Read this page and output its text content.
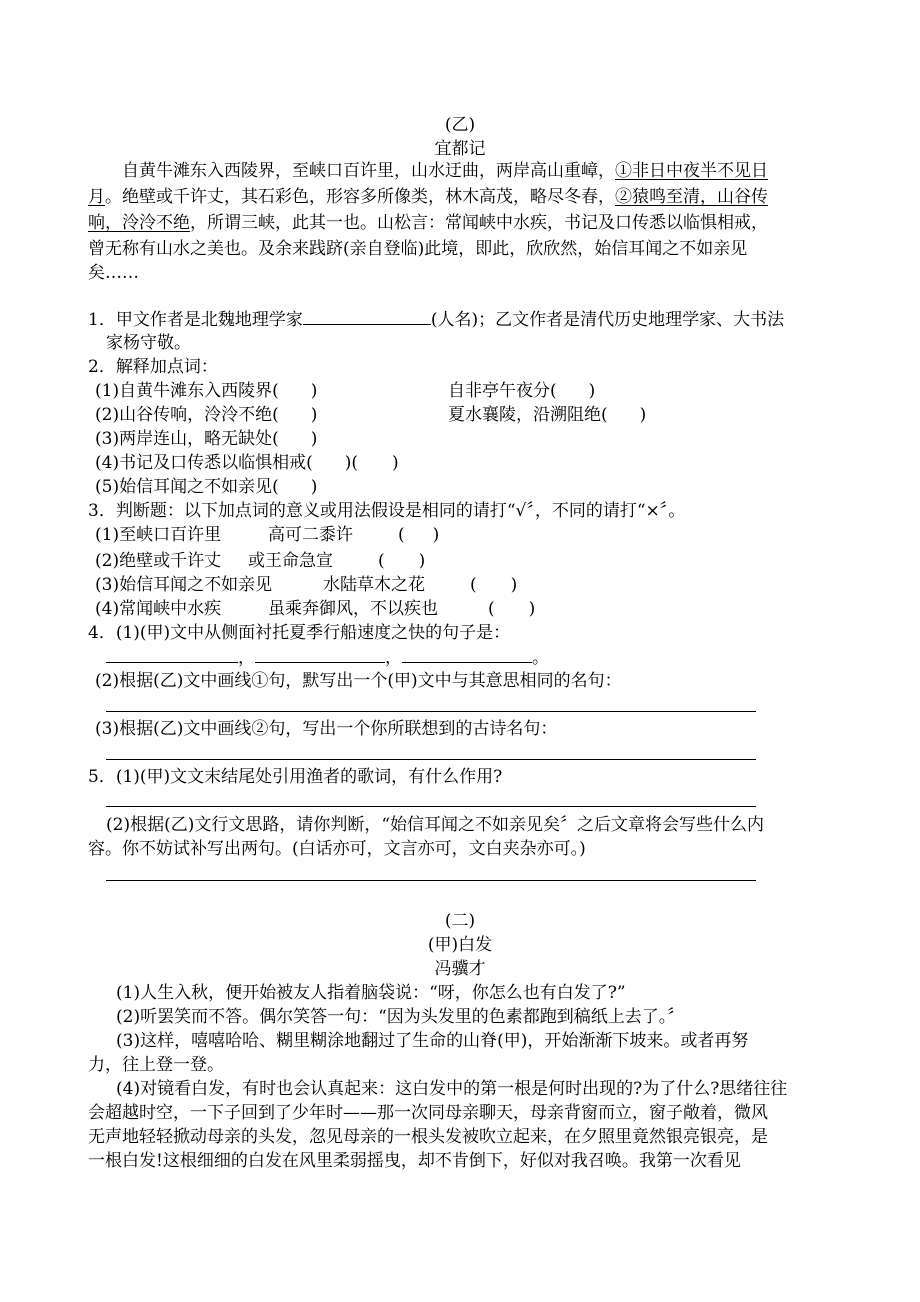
(乙)
宜都记
自黄牛滩东入西陵界，至峡口百许里，山水迂曲，两岸高山重嶂，①非日中夜半不见日
月。绝壁或千许丈，其石彩色，形容多所像类，林木高茂，略尽冬春，②猿鸣至清，山谷传
响，泠泠不绝，所谓三峡，此其一也。山松言：常闻峡中水疾，书记及口传悉以临惧相戒，
曾无称有山水之美也。及余来践跻(亲自登临)此境，即此，欣欣然，始信耳闻之不如亲见
矣……
1．甲文作者是北魏地理学家	(人名)；乙文作者是清代历史地理学家、大书法
家杨守敬。
2．解释加点词：
(1)自黄牛滩东入西陵界( )	自非亭午夜分( )
(2)山谷传响，泠泠不绝( )	夏水襄陵，沿溯阻绝( )
(3)两岸连山，略无缺处( )
(4)书记及口传悉以临惧相戒( )( )
(5)始信耳闻之不如亲见( )
3．判断题：以下加点词的意义或用法假设是相同的请打“√〞，不同的请打“×〞。
(1)至峡口百许里	高可二黍许	( )
(2)绝壁或千许丈 或王命急宣	( )
(3)始信耳闻之不如亲见	水陆草木之花	( )
(4)常闻峡中水疾	虽乘奔御风，不以疾也	( )
4．(1)(甲)文中从侧面衬托夏季行船速度之快的句子是：
，	，	。
(2)根据(乙)文中画线①句，默写出一个(甲)文中与其意思相同的名句：
(3)根据(乙)文中画线②句，写出一个你所联想到的古诗名句：
5．(1)(甲)文文末结尾处引用渔者的歌词，有什么作用?
(2)根据(乙)文行文思路，请你判断，“始信耳闻之不如亲见矣〞之后文章将会写些什么内
容。你不妨试补写出两句。(白话亦可，文言亦可，文白夹杂亦可。)
(二)
(甲)白发
冯骥才
(1)人生入秋，便开始被友人指着脑袋说：“呀，你怎么也有白发了?”
(2)听罢笑而不答。偶尔笑答一句：“因为头发里的色素都跑到稿纸上去了。〞
(3)这样，嘻嘻哈哈、糊里糊涂地翻过了生命的山脊(甲)，开始渐渐下坡来。或者再努
力，往上登一登。
(4)对镜看白发，有时也会认真起来：这白发中的第一根是何时出现的?为了什么?思绪往往
会超越时空，一下子回到了少年时——那一次同母亲聊天，母亲背窗而立，窗子敞着，微风
无声地轻轻掀动母亲的头发，忽见母亲的一根头发被吹立起来，在夕照里竟然银亮银亮，是
一根白发!这根细细的白发在风里柔弱摇曳，却不肯倒下，好似对我召唤。我第一次看见
